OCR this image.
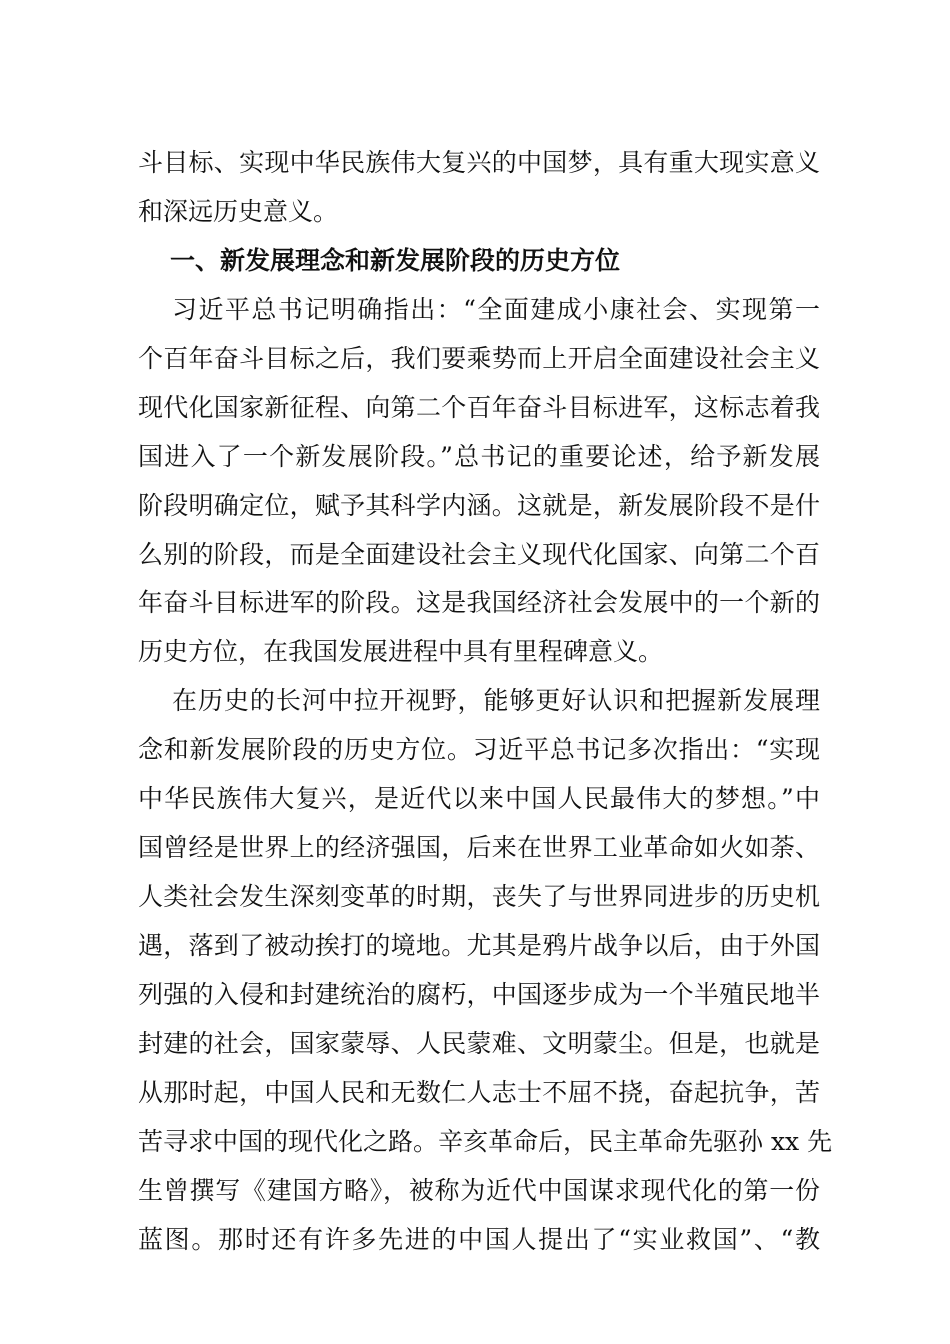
斗目标、实现中华民族伟大复兴的中国梦，具有重大现实意义
和深远历史意义。
一、新发展理念和新发展阶段的历史方位
习近平总书记明确指出：“全面建成小康社会、实现第一
个百年奋斗目标之后，我们要乘势而上开启全面建设社会主义
现代化国家新征程、向第二个百年奋斗目标进军，这标志着我
国进入了一个新发展阶段。”总书记的重要论述，给予新发展
阶段明确定位，赋予其科学内涵。这就是，新发展阶段不是什
么别的阶段，而是全面建设社会主义现代化国家、向第二个百
年奋斗目标进军的阶段。这是我国经济社会发展中的一个新的
历史方位，在我国发展进程中具有里程碑意义。
在历史的长河中拉开视野，能够更好认识和把握新发展理
念和新发展阶段的历史方位。习近平总书记多次指出：“实现
中华民族伟大复兴，是近代以来中国人民最伟大的梦想。”中
国曾经是世界上的经济强国，后来在世界工业革命如火如荼、
人类社会发生深刻变革的时期，丧失了与世界同进步的历史机
遇，落到了被动挨打的境地。尤其是鸦片战争以后，由于外国
列强的入侵和封建统治的腐朽，中国逐步成为一个半殖民地半
封建的社会，国家蒙辱、人民蒙难、文明蒙尘。但是，也就是
从那时起，中国人民和无数仁人志士不屈不挠，奋起抗争，苦
苦寻求中国的现代化之路。辛亥革命后，民主革命先驱孙 xx 先
生曾撰写《建国方略》，被称为近代中国谋求现代化的第一份
蓝图。那时还有许多先进的中国人提出了“实业救国”、“教
